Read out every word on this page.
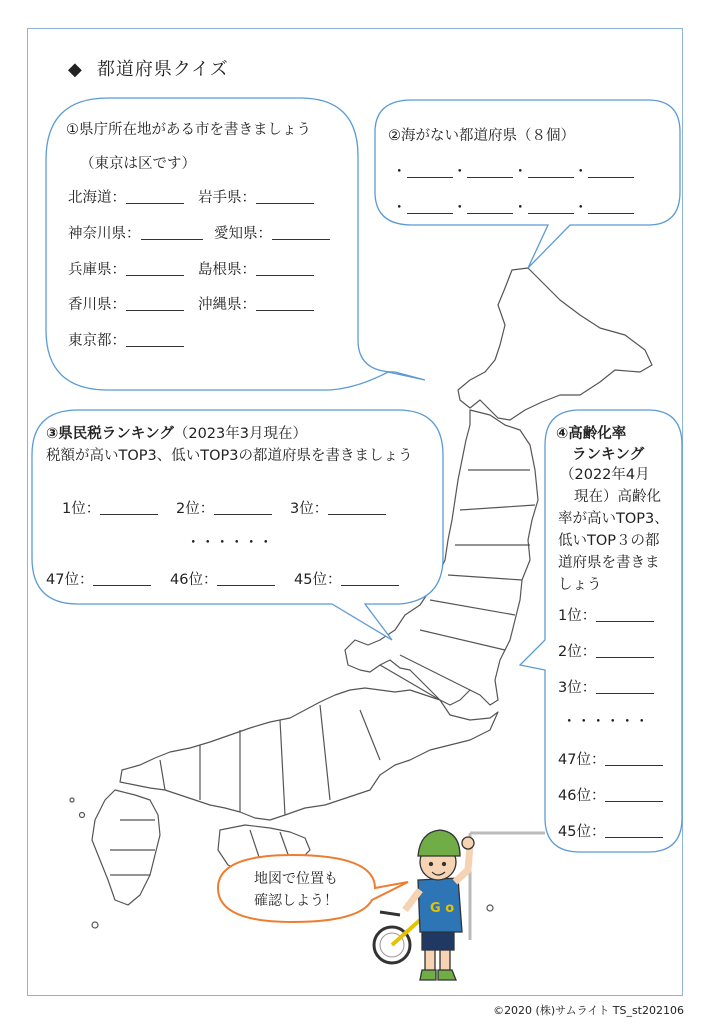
G o
◆ 都道府県クイズ
①県庁所在地がある市を書きましょう
（東京は区です）
北海道：	岩手県：
神奈川県：	愛知県：
兵庫県：	島根県：
香川県：	沖縄県：
東京都：
②海がない都道府県（８個）
・	・	・	・
・	・	・	・
③県民税ランキング（2023年3月現在）
税額が高いTOP3、低いTOP3の都道府県を書きましょう
1位：	2位：	3位：
・・・・・・
47位：	46位：	45位：
④高齢化率
ランキング
（2022年4月
現在）高齢化
率が高いTOP3、
低いTOP３の都
道府県を書きま
しょう
1位：
2位：
3位：
・・・・・・
47位：
46位：
45位：
地図で位置も
確認しよう！
©2020 (株)サムライト TS_st202106
